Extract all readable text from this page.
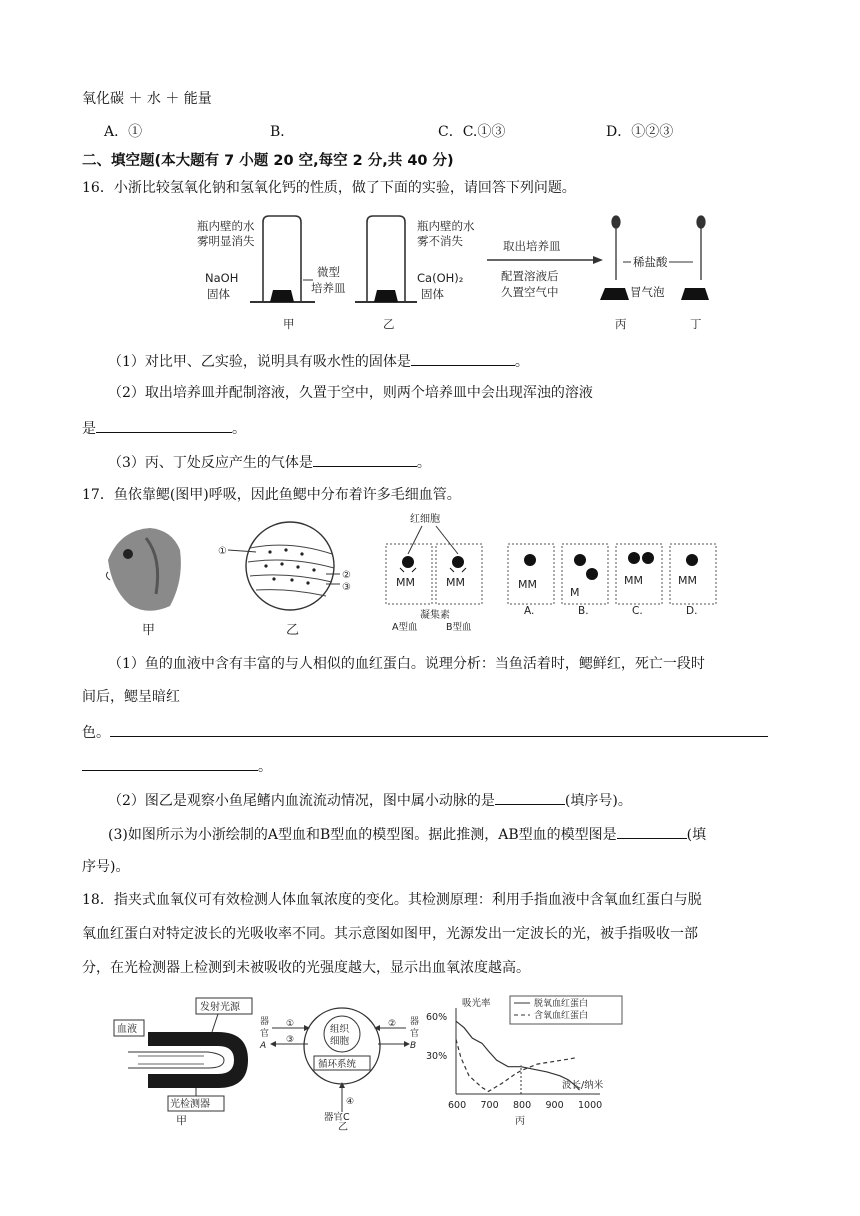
氧化碳 ＋ 水 ＋ 能量
A．①	B．	C．C.①③	D．①②③
二、填空题(本大题有 7 小题 20 空,每空 2 分,共 40 分)
16．小浙比较氢氧化钠和氢氧化钙的性质，做了下面的实验，请回答下列问题。
瓶内壁的水
雾明显消失
NaOH
固体
微型
培养皿
瓶内壁的水
雾不消失
Ca(OH)₂
固体
取出培养皿
配置溶液后
久置空气中
稀盐酸
冒气泡
甲	乙	丙	丁
（1）对比甲、乙实验，说明具有吸水性的固体是	。
（2）取出培养皿并配制溶液，久置于空中，则两个培养皿中会出现浑浊的溶液
是	。
（3）丙、丁处反应产生的气体是	。
17．鱼依靠鳃(图甲)呼吸，因此鱼鳃中分布着许多毛细血管。
甲
①
②
③
乙
红细胞
ⅯⅯ	ⅯⅯ
凝集素
A型血	B型血
ⅯⅯ
Ⅿ
ⅯⅯ	ⅯⅯ
A.	B.	C.	D.
（1）鱼的血液中含有丰富的与人相似的血红蛋白。说理分析：当鱼活着时，鳃鲜红，死亡一段时
间后，鳃呈暗红
色。
。
（2）图乙是观察小鱼尾鳍内血流流动情况，图中属小动脉的是	(填序号)。
(3)如图所示为小浙绘制的A型血和B型血的模型图。据此推测，AB型血的模型图是	(填
序号)。
18．指夹式血氧仪可有效检测人体血氧浓度的变化。其检测原理：利用手指血液中含氧血红蛋白与脱
氧血红蛋白对特定波长的光吸收率不同。其示意图如图甲，光源发出一定波长的光，被手指吸收一部
分，在光检测器上检测到未被吸收的光强度越大，显示出血氧浓度越高。
发射光源
血液
光检测器
甲
组织
细胞
循环系统
器
官
A
器
官
B
①
③
②
④
器官C
乙
吸光率
波长/纳米
600 700 800 900 1000
60%
30%
脱氧血红蛋白
含氧血红蛋白
丙
